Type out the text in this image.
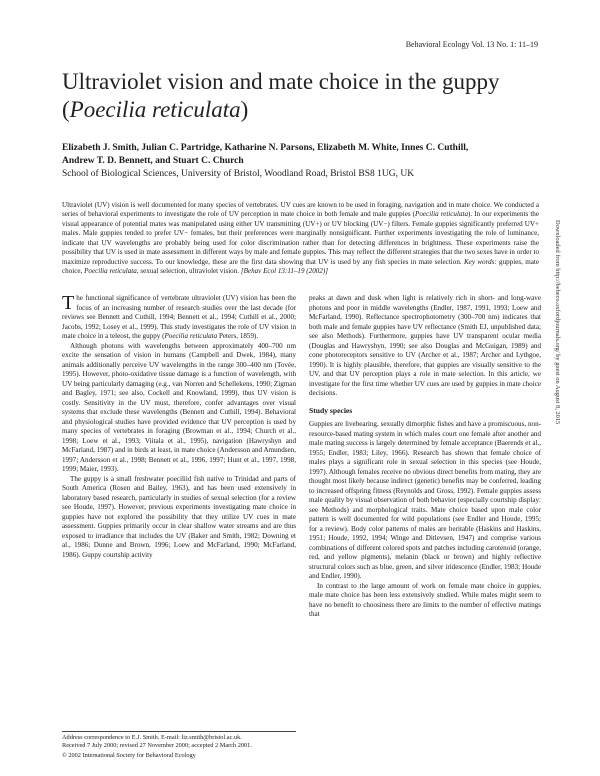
Behavioral Ecology Vol. 13 No. 1: 11–19
Ultraviolet vision and mate choice in the guppy (Poecilia reticulata)
Elizabeth J. Smith, Julian C. Partridge, Katharine N. Parsons, Elizabeth M. White, Innes C. Cuthill,
Andrew T. D. Bennett, and Stuart C. Church
School of Biological Sciences, University of Bristol, Woodland Road, Bristol BS8 1UG, UK

Ultraviolet (UV) vision is well documented for many species of vertebrates. UV cues are known to be used in foraging, navigation and in mate choice. We conducted a series of behavioral experiments to investigate the role of UV perception in mate choice in both female and male guppies (Poecilia reticulata). In our experiments the visual appearance of potential mates was manipulated using either UV transmitting (UV+) or UV blocking (UV−) filters. Female guppies significantly preferred UV+ males. Male guppies tended to prefer UV− females, but their preferences were marginally nonsignificant. Further experiments investigating the role of luminance, indicate that UV wavelengths are probably being used for color discrimination rather than for detecting differences in brightness. These experiments raise the possibility that UV is used in mate assessment in different ways by male and female guppies. This may reflect the different strategies that the two sexes have in order to maximize reproductive success. To our knowledge, these are the first data showing that UV is used by any fish species in mate selection. Key words: guppies, mate choice, Poecilia reticulata, sexual selection, ultraviolet vision. [Behav Ecol 13:11–19 (2002)]	Downloaded from http://beheco.oxfordjournals.org/ by guest on August 8, 2015

The functional significance of vertebrate ultraviolet (UV) vision has been the focus of an increasing number of research studies over the last decade (for reviews see Bennett and Cuthill, 1994; Bennett et al., 1994; Cuthill et al., 2000; Jacobs, 1992; Losey et al., 1999). This study investigates the role of UV vision in mate choice in a teleost, the guppy (Poecilia reticulata Peters, 1859).

Although photons with wavelengths between approximately 400–700 nm excite the sensation of vision in humans (Campbell and Dwek, 1984), many animals additionally perceive UV wavelengths in the range 300–400 nm (Tovée, 1995). However, photo-oxidative tissue damage is a function of wavelength, with UV being particularly damaging (e.g., van Norren and Schellekens, 1990; Zigman and Bagley, 1971; see also, Cockell and Knowland, 1999), thus UV vision is costly. Sensitivity in the UV must, therefore, confer advantages over visual systems that exclude these wavelengths (Bennett and Cuthill, 1994). Behavioral and physiological studies have provided evidence that UV perception is used by many species of vertebrates in foraging (Browman et al., 1994; Church et al., 1998; Loew et al., 1993; Viitala et al., 1995), navigation (Hawryshyn and McFarland, 1987) and in birds at least, in mate choice (Andersson and Amundsen, 1997; Andersson et al., 1998; Bennett et al., 1996, 1997; Hunt et al., 1997, 1998, 1999; Maier, 1993).

The guppy is a small freshwater poeciliid fish native to Trinidad and parts of South America (Rosen and Bailey, 1963), and has been used extensively in laboratory based research, particularly in studies of sexual selection (for a review see Houde, 1997). However, previous experiments investigating mate choice in guppies have not explored the possibility that they utilize UV cues in mate assessment. Guppies primarily occur in clear shallow water streams and are thus exposed to irradiance that includes the UV (Baker and Smith, 1982; Downing et al., 1986; Dunne and Brown, 1996; Loew and McFarland, 1990; McFarland, 1986). Guppy courtship activity

peaks at dawn and dusk when light is relatively rich in short- and long-wave photons and poor in middle wavelengths (Endler, 1987, 1991, 1993; Loew and McFarland, 1990). Reflectance spectrophotometry (300–700 nm) indicates that both male and female guppies have UV reflectance (Smith EJ, unpublished data; see also Methods). Furthermore, guppies have UV transparent ocular media (Douglas and Hawryshyn, 1990; see also Douglas and McGuigan, 1989) and cone photoreceptors sensitive to UV (Archer et al., 1987; Archer and Lythgoe, 1990). It is highly plausible, therefore, that guppies are visually sensitive to the UV, and that UV perception plays a role in mate selection. In this article, we investigate for the first time whether UV cues are used by guppies in mate choice decisions.

Study species

Guppies are livebearing, sexually dimorphic fishes and have a promiscuous, non-resource-based mating system in which males court one female after another and male mating success is largely determined by female acceptance (Baerends et al., 1955; Endler, 1983; Liley, 1966). Research has shown that female choice of males plays a significant role in sexual selection in this species (see Houde, 1997). Although females receive no obvious direct benefits from mating, they are thought most likely because indirect (genetic) benefits may be conferred, leading to increased offspring fitness (Reynolds and Gross, 1992). Female guppies assess male quality by visual observation of both behavior (especially courtship display: see Methods) and morphological traits. Mate choice based upon male color pattern is well documented for wild populations (see Endler and Houde, 1995; for a review). Body color patterns of males are heritable (Haskins and Haskins, 1951; Houde, 1992, 1994; Winge and Ditlevsen, 1947) and comprise various combinations of different colored spots and patches including carotenoid (orange, red, and yellow pigments), melanin (black or brown) and highly reflective structural colors such as blue, green, and silver iridescence (Endler, 1983; Houde and Endler, 1990).

In contrast to the large amount of work on female mate choice in guppies, male mate choice has been less extensively studied. While males might seem to have no benefit to choosiness there are limits to the number of effective matings that

Address correspondence to E.J. Smith. E-mail: liz.smith@bristol.ac.uk.
Received 7 July 2000; revised 27 November 2000; accepted 2 March 2001.
© 2002 International Society for Behavioral Ecology
